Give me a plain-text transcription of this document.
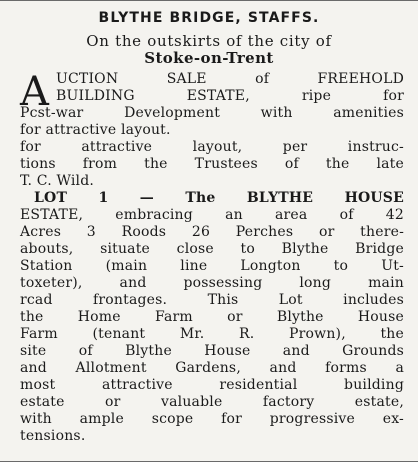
BLYTHE BRIDGE, STAFFS.
On the outskirts of the city of
Stoke-on-Trent
A UCTION SALE of FREEHOLD
BUILDING ESTATE, ripe for
Pcst-war Development with amenities
for attractive layout.
for attractive layout, per instruc-
tions from the Trustees of the late
T. C. Wild.
LOT 1 — The BLYTHE HOUSE
ESTATE, embracing an area of 42
Acres 3 Roods 26 Perches or there-
abouts, situate close to Blythe Bridge
Station (main line Longton to Ut-
toxeter), and possessing long main
rcad frontages. This Lot includes
the Home Farm or Blythe House
Farm (tenant Mr. R. Prown), the
site of Blythe House and Grounds
and Allotment Gardens, and forms a
most attractive residential building
estate or valuable factory estate,
with ample scope for progressive ex-
tensions.
